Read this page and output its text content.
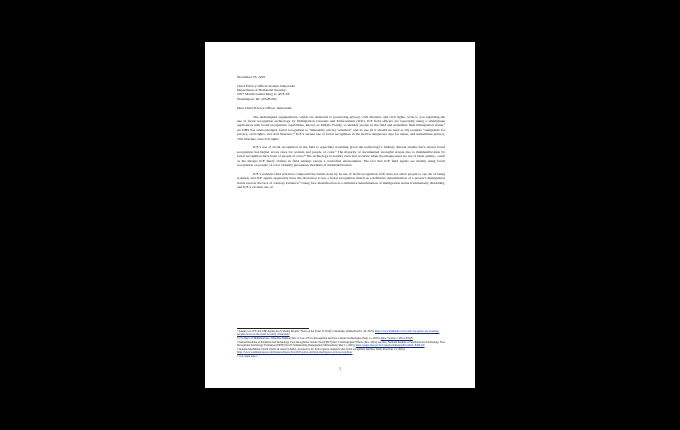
November 25, 2025

Chief Privacy Officer Roman Jankowski

Department of Homeland Security

2707 Martin Luther King Jr. AVE SE

Washington, DC 20528-065

Dear Chief Privacy Officer Jankowski:

The undersigned organizations, which are dedicated to preserving privacy, civil liberties, and civil rights, write to you regarding the use of facial recognition technology by Immigration Customs and Enforcement (ICE). ICE field officers are reportedly using a smartphone application with facial recognition capabilities, known as Mobile Fortify, to identify people in the field and determine their immigration status.¹ As DHS has acknowledged, facial recognition is “inherently privacy sensitive” and its use (if it should be used at all) requires “safeguards for privacy, civil rights, and civil liberties.”² ICE’s current use of facial recognition in the field is dangerous, ripe for abuse, and undermines privacy, civil liberties, and civil rights.

ICE’s use of facial recognition in the field is especially troubling given the technology’s failings. Recent studies have shown facial recognition has higher errors rates for women and people of color.³ The majority of documented wrongful arrests due to misidentification by facial recognition have been of people of color.⁴ The technology is notably even less accurate when the images used are not of ideal quality—such as the images ICE likely obtains in field settings versus a controlled environment. The fact that ICE field agents are mainly using facial recognition on people of color virtually guarantees incidents of misidentification.

ICE’s reckless field practices compound the harms done by its use of facial recognition. ICE does not allow people to opt-out of being scanned, and ICE agents apparently have the discretion to use a facial recognition match as a definitive determination of a person’s immigration status even in the face of contrary evidence.⁵ Using face identification as a definitive determination of immigration status is immensely disturbing, and ICE’s cavalier use of

¹ Joseph Cox, ICE and CBP Agents Are Scanning Peoples’ Faces on the Street To Verify Citizenship, 404media (Oct. 29, 2025), https://www.404media.co/ice-and-cbp-agents-are-scanning-peoples-faces-on-the-street-to-verify-citizenship/

² U.S. Dep’t of Homeland Sec., Directive Number 026-11: Use of Face Recognition and Face Capture Technologies (Sept. 11, 2023), https://perma.cc/2FG4-RTQN

³ National Institute of Standards and Technology, Face Recognition Vendor Test (FRVT) Part 3: Demographic Effects (Dec. 2019); see also, National Institute of Standards and Technology, Face Recognition Technology Evaluation (FRTE) Part 8: Summarizing Demographic Differentials (May 11, 2025), https://pages.nist.gov/frvt/reports/demographics/nistir_8429.pdf

⁴ Douglas MacMillan, David Ovalle, & Aaron Schaffer, Arrested by AI: Police ignore standards after facial recognition matches, Wash. Post (Jan. 13, 2025), https://www.washingtonpost.com/business/interactive/2025/police-artificial-intelligence-facial-recognition/

⁵ Cox, supra note 1.

1
